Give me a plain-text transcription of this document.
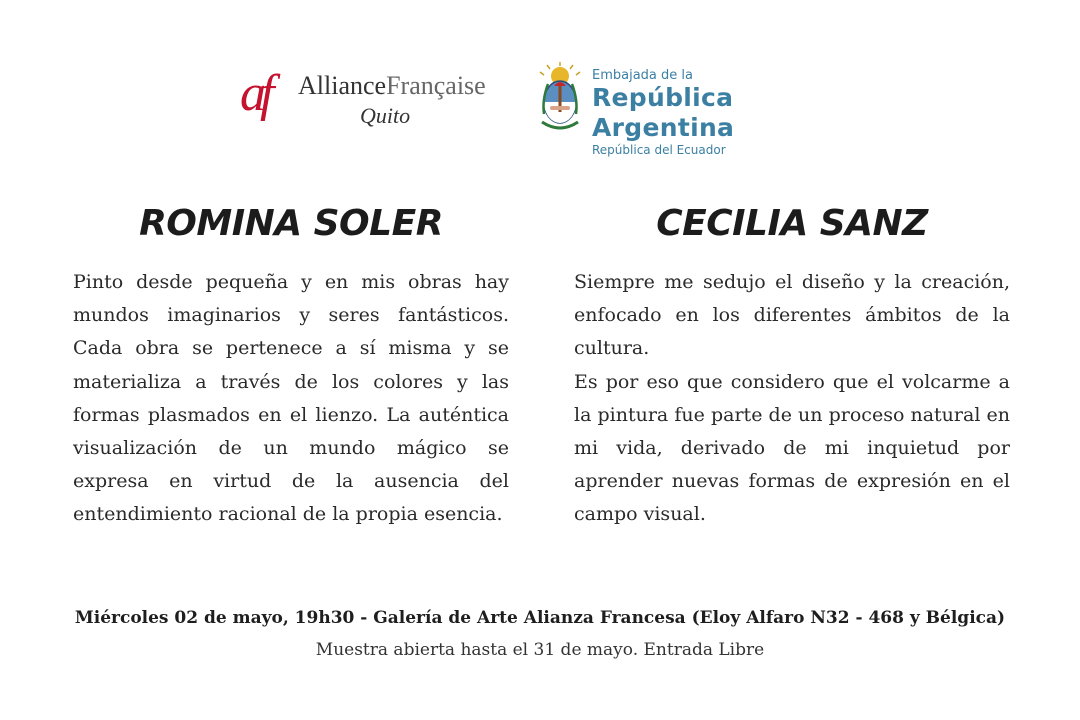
af AllianceFrançaise
Quito
Embajada de la
República Argentina
República del Ecuador
ROMINA SOLER

Pinto desde pequeña y en mis obras hay mundos imaginarios y seres fantásticos. Cada obra se pertenece a sí misma y se materializa a través de los colores y las formas plasmados en el lienzo. La auténtica visualización de un mundo mágico se expresa en virtud de la ausencia del entendimiento racional de la propia esencia.

CECILIA SANZ

Siempre me sedujo el diseño y la creación, enfocado en los diferentes ámbitos de la cultura.

Es por eso que considero que el volcarme a la pintura fue parte de un proceso natural en mi vida, derivado de mi inquietud por aprender nuevas formas de expresión en el campo visual.

Miércoles 02 de mayo, 19h30 - Galería de Arte Alianza Francesa (Eloy Alfaro N32 - 468 y Bélgica)
Muestra abierta hasta el 31 de mayo. Entrada Libre
